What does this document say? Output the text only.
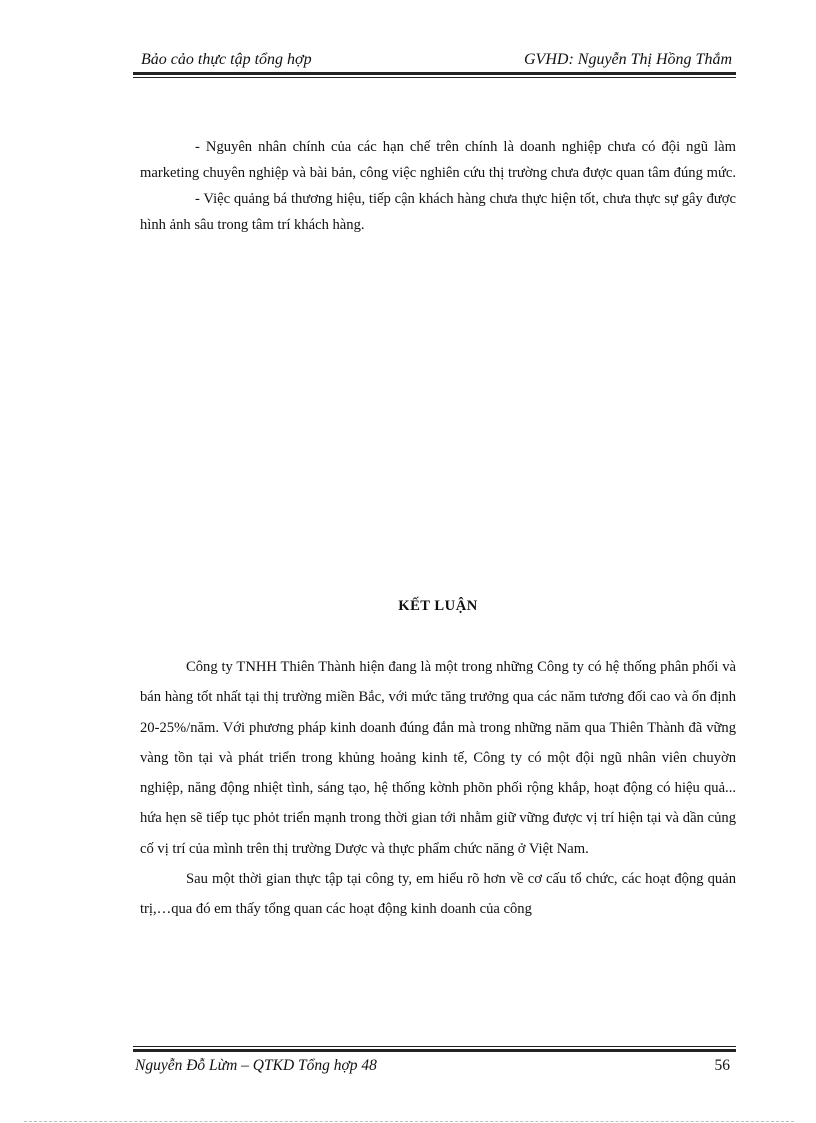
Bảo cảo thực tập tổng hợp	GVHD: Nguyễn Thị Hồng Thắm

- Nguyên nhân chính của các hạn chế trên chính là doanh nghiệp chưa có đội ngũ làm marketing chuyên nghiệp và bài bản, công việc nghiên cứu thị trường chưa được quan tâm đúng mức.

- Việc quảng bá thương hiệu, tiếp cận khách hàng chưa thực hiện tốt, chưa thực sự gây được hình ảnh sâu trong tâm trí khách hàng.

KẾT LUẬN

Công ty TNHH Thiên Thành hiện đang là một trong những Công ty có hệ thống phân phối và bán hàng tốt nhất tại thị trường miền Bắc, với mức tăng trưởng qua các năm tương đối cao và ổn định 20-25%/năm. Với phương pháp kinh doanh đúng đắn mà trong những năm qua Thiên Thành đã vững vàng tồn tại và phát triển trong khủng hoảng kinh tế, Công ty có một đội ngũ nhân viên chuyờn nghiệp, năng động nhiệt tình, sáng tạo, hệ thống kờnh phõn phối rộng khắp, hoạt động có hiệu quả... hứa hẹn sẽ tiếp tục phỏt triển mạnh trong thời gian tới nhằm giữ vững được vị trí hiện tại và dần củng cố vị trí của mình trên thị trường Dược và thực phẩm chức năng ở Việt Nam.

Sau một thời gian thực tập tại công ty, em hiểu rõ hơn về cơ cấu tổ chức, các hoạt động quản trị,…qua đó em thấy tổng quan các hoạt động kinh doanh của công

Nguyễn Đỗ Lừm – QTKD Tổng hợp 48	56
